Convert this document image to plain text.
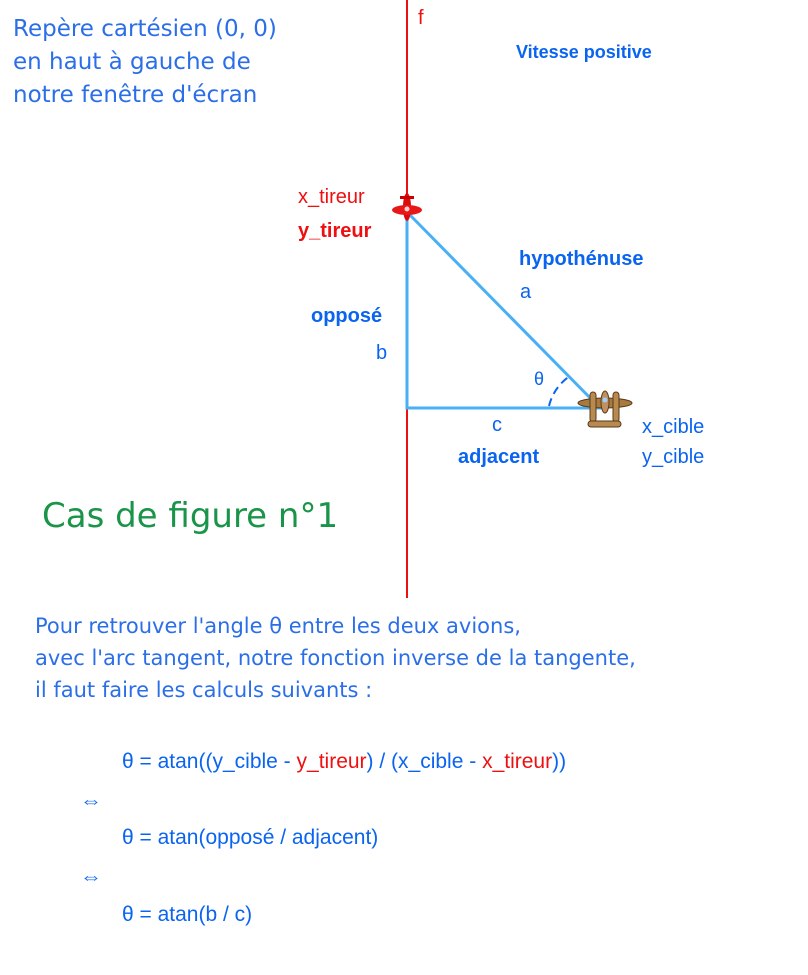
Repère cartésien (0, 0)
en haut à gauche de
notre fenêtre d'écran
f
Vitesse positive
x_tireur
y_tireur
hypothénuse
a
opposé
b
θ
c
adjacent
x_cible
y_cible
Cas de figure n°1
Pour retrouver l'angle θ entre les deux avions,
avec l'arc tangent, notre fonction inverse de la tangente,
il faut faire les calculs suivants :
θ = atan((y_cible - y_tireur) / (x_cible - x_tireur))
⇔
θ = atan(opposé / adjacent)
⇔
θ = atan(b / c)
